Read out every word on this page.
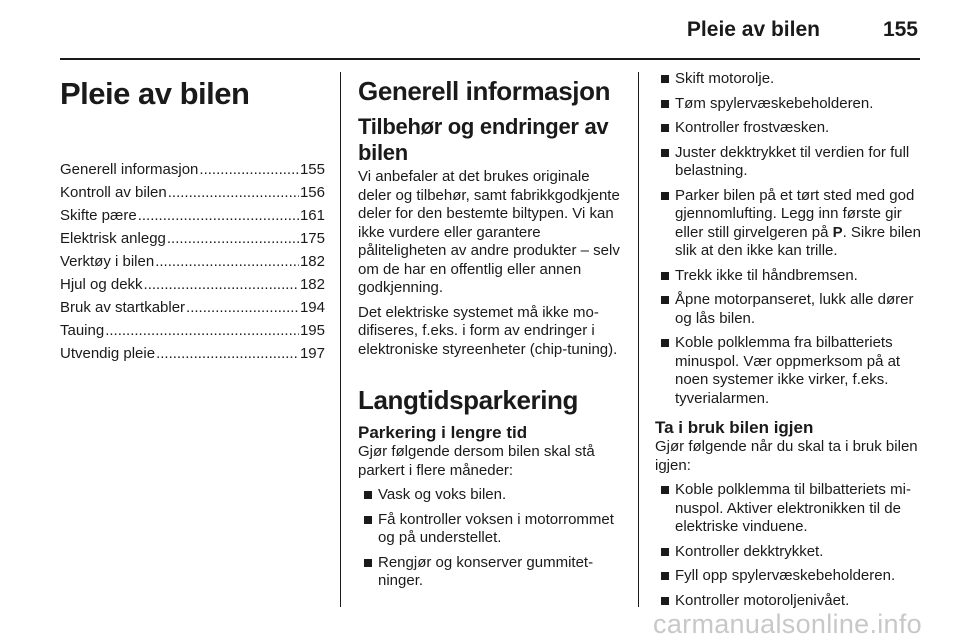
Pleie av bilen	155
Pleie av bilen
Generell informasjon .....	155
Kontroll av bilen .....	156
Skifte pære .....	161
Elektrisk anlegg .....	175
Verktøy i bilen .....	182
Hjul og dekk .....	182
Bruk av startkabler .....	194
Tauing .....	195
Utvendig pleie .....	197
Generell informasjon
Tilbehør og endringer av bilen

Vi anbefaler at det brukes originale deler og tilbehør, samt fabrikkgodkjente deler for den bestemte biltypen. Vi kan ikke vurdere eller garantere påliteligheten av andre produkter – selv om de har en offentlig eller annen godkjenning.

Det elektriske systemet må ikke modifiseres, f.eks. i form av endringer i elektroniske styreenheter (chip-tuning).

Langtidsparkering
Parkering i lengre tid

Gjør følgende dersom bilen skal stå parkert i flere måneder:

Vask og voks bilen.
Få kontroller voksen i motorrommet og på understellet.
Rengjør og konserver gummitetninger.
Skift motorolje.
Tøm spylervæskebeholderen.
Kontroller frostvæsken.
Juster dekktrykket til verdien for full belastning.
Parker bilen på et tørt sted med god gjennomlufting. Legg inn første gir eller still girvelgeren på P. Sikre bilen slik at den ikke kan trille.
Trekk ikke til håndbremsen.
Åpne motorpanseret, lukk alle dører og lås bilen.
Koble polklemma fra bilbatteriets minuspol. Vær oppmerksom på at noen systemer ikke virker, f.eks. tyverialarmen.
Ta i bruk bilen igjen

Gjør følgende når du skal ta i bruk bilen igjen:

Koble polklemma til bilbatteriets minuspol. Aktiver elektronikken til de elektriske vinduene.
Kontroller dekktrykket.
Fyll opp spylervæskebeholderen.
Kontroller motoroljenivået.
carmanualsonline.info
